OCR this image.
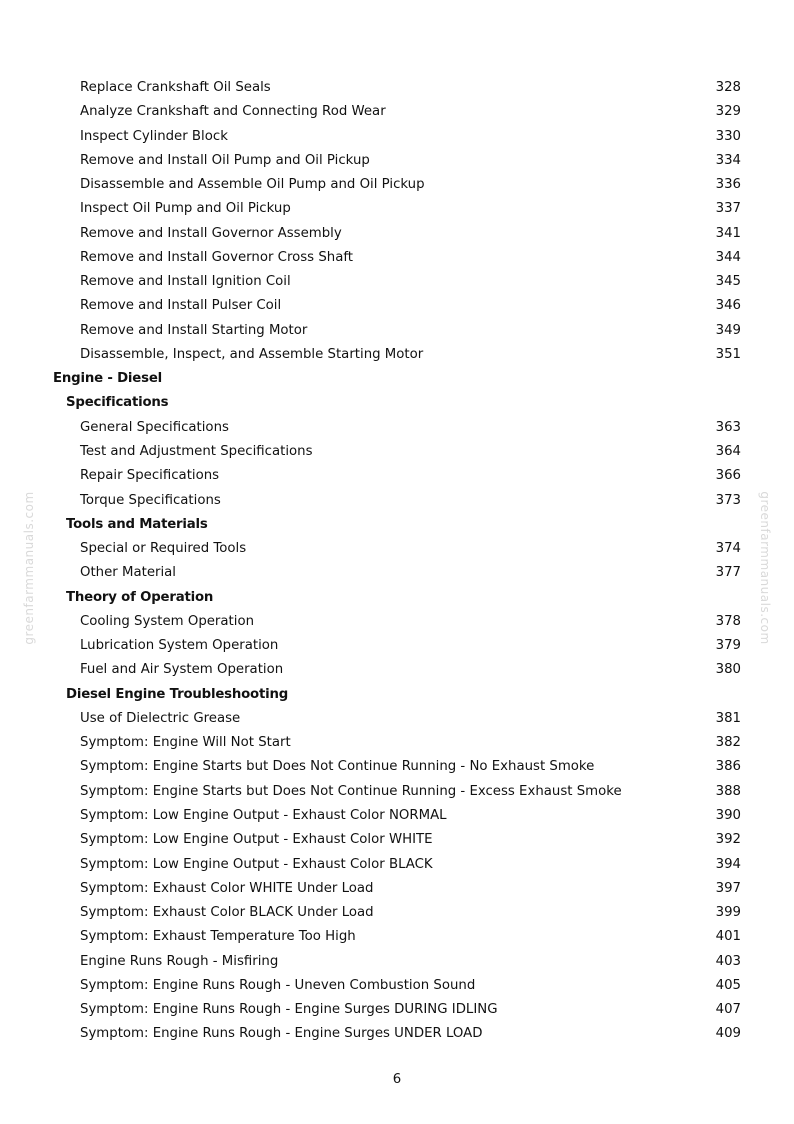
greenfarmmanuals.com	greenfarmmanuals.com
Replace Crankshaft Oil Seals	328
Analyze Crankshaft and Connecting Rod Wear	329
Inspect Cylinder Block	330
Remove and Install Oil Pump and Oil Pickup	334
Disassemble and Assemble Oil Pump and Oil Pickup	336
Inspect Oil Pump and Oil Pickup	337
Remove and Install Governor Assembly	341
Remove and Install Governor Cross Shaft	344
Remove and Install Ignition Coil	345
Remove and Install Pulser Coil	346
Remove and Install Starting Motor	349
Disassemble, Inspect, and Assemble Starting Motor	351
Engine - Diesel
Specifications
General Specifications	363
Test and Adjustment Specifications	364
Repair Specifications	366
Torque Specifications	373
Tools and Materials
Special or Required Tools	374
Other Material	377
Theory of Operation
Cooling System Operation	378
Lubrication System Operation	379
Fuel and Air System Operation	380
Diesel Engine Troubleshooting
Use of Dielectric Grease	381
Symptom: Engine Will Not Start	382
Symptom: Engine Starts but Does Not Continue Running - No Exhaust Smoke	386
Symptom: Engine Starts but Does Not Continue Running - Excess Exhaust Smoke	388
Symptom: Low Engine Output - Exhaust Color NORMAL	390
Symptom: Low Engine Output - Exhaust Color WHITE	392
Symptom: Low Engine Output - Exhaust Color BLACK	394
Symptom: Exhaust Color WHITE Under Load	397
Symptom: Exhaust Color BLACK Under Load	399
Symptom: Exhaust Temperature Too High	401
Engine Runs Rough - Misfiring	403
Symptom: Engine Runs Rough - Uneven Combustion Sound	405
Symptom: Engine Runs Rough - Engine Surges DURING IDLING	407
Symptom: Engine Runs Rough - Engine Surges UNDER LOAD	409
6
